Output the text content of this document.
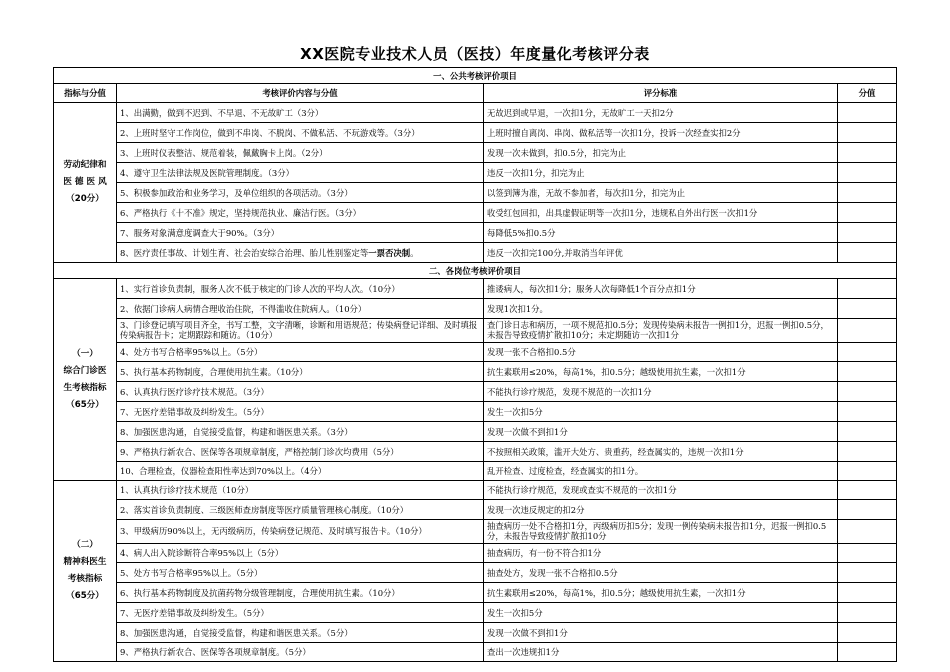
XX医院专业技术人员（医技）年度量化考核评分表
一、公共考核评价项目			
指标与分值	考核评价内容与分值	评分标准	分值

劳动纪律和
医 德 医 风
（20分）	1、出满勤，做到不迟到、不早退、不无故旷工（3分）	无故迟到或早退，一次扣1分，无故旷工一天扣2分	
	2、上班时坚守工作岗位，做到不串岗、不脱岗、不做私活、不玩游戏等。（3分）	上班时擅自离岗、串岗、做私活等一次扣1分，投诉一次经查实扣2分	
	3、上班时仪表整洁、规范着装，佩戴胸卡上岗。（2分）	发现一次未做到，扣0.5分，扣完为止	
	4、遵守卫生法律法规及医院管理制度。（3分）	违反一次扣1分，扣完为止	
	5、积极参加政治和业务学习，及单位组织的各项活动。（3分）	以签到簿为准，无故不参加者，每次扣1分，扣完为止	
	6、严格执行《十不准》规定，坚持规范执业、廉洁行医。（3分）	收受红包回扣，出具虚假证明等一次扣1分，违规私自外出行医一次扣1分	
	7、服务对象满意度调查大于90%。（3分）	每降低5%扣0.5分	
	8、医疗责任事故、计划生育、社会治安综合治理、胎儿性别鉴定等一票否决制。	违反一次扣完100分,并取消当年评优	
二、各岗位考核评价项目			

（一）
综合门诊医
生考核指标
（65分）	1、实行首诊负责制，服务人次不低于核定的门诊人次的平均人次。（10分）	推诿病人，每次扣1分；服务人次每降低1个百分点扣1分	
	2、依据门诊病人病情合理收治住院，不得滥收住院病人。（10分）	发现1次扣1分。	
	3、门诊登记填写项目齐全，书写工整，文字清晰，诊断和用语规范；传染病登记详细、及时填报传染病报告卡；定期跟踪和随访。（10分）	查门诊日志和病历，一项不规范扣0.5分；发现传染病未报告一例扣1分，迟报一例扣0.5分，未报告导致疫情扩散扣10分；未定期随访一次扣1分	
	4、处方书写合格率95%以上。（5分）	发现一张不合格扣0.5分	
	5、执行基本药物制度，合理使用抗生素。（10分）	抗生素联用≤20%，每高1%，扣0.5分；越级使用抗生素，一次扣1分	
	6、认真执行医疗诊疗技术规范。（3分）	不能执行诊疗规范，发现不规范的一次扣1分	
	7、无医疗差错事故及纠纷发生。（5分）	发生一次扣5分	
	8、加强医患沟通，自觉接受监督，构建和谐医患关系。（3分）	发现一次做不到扣1分	
	9、严格执行新农合、医保等各项规章制度，严格控制门诊次均费用（5分）	不按照相关政策，滥开大处方、贵重药，经查属实的，违规一次扣1分	
	10、合理检查，仪器检查阳性率达到70%以上。（4分）	乱开检查、过度检查，经查属实的扣1分。	

（二）
精神科医生
考核指标
（65分）	1、认真执行诊疗技术规范（10分）	不能执行诊疗规范，发现或查实不规范的一次扣1分	
	2、落实首诊负责制度、三级医师查房制度等医疗质量管理核心制度。（10分）	发现一次违反规定的扣2分	
	3、甲级病历90%以上，无丙级病历，传染病登记规范、及时填写报告卡。（10分）	抽查病历一处不合格扣1分，丙级病历扣5分；发现一例传染病未报告扣1分，迟报一例扣0.5分，未报告导致疫情扩散扣10分	
	4、病人出入院诊断符合率95%以上（5分）	抽查病历，有一份不符合扣1分	
	5、处方书写合格率95%以上。（5分）	抽查处方，发现一张不合格扣0.5分	
	6、执行基本药物制度及抗菌药物分级管理制度，合理使用抗生素。（10分）	抗生素联用≤20%，每高1%，扣0.5分；越级使用抗生素，一次扣1分	
	7、无医疗差错事故及纠纷发生。（5分）	发生一次扣5分	
	8、加强医患沟通，自觉接受监督，构建和谐医患关系。（5分）	发现一次做不到扣1分	
	9、严格执行新农合、医保等各项规章制度。（5分）	查出一次违规扣1分	
